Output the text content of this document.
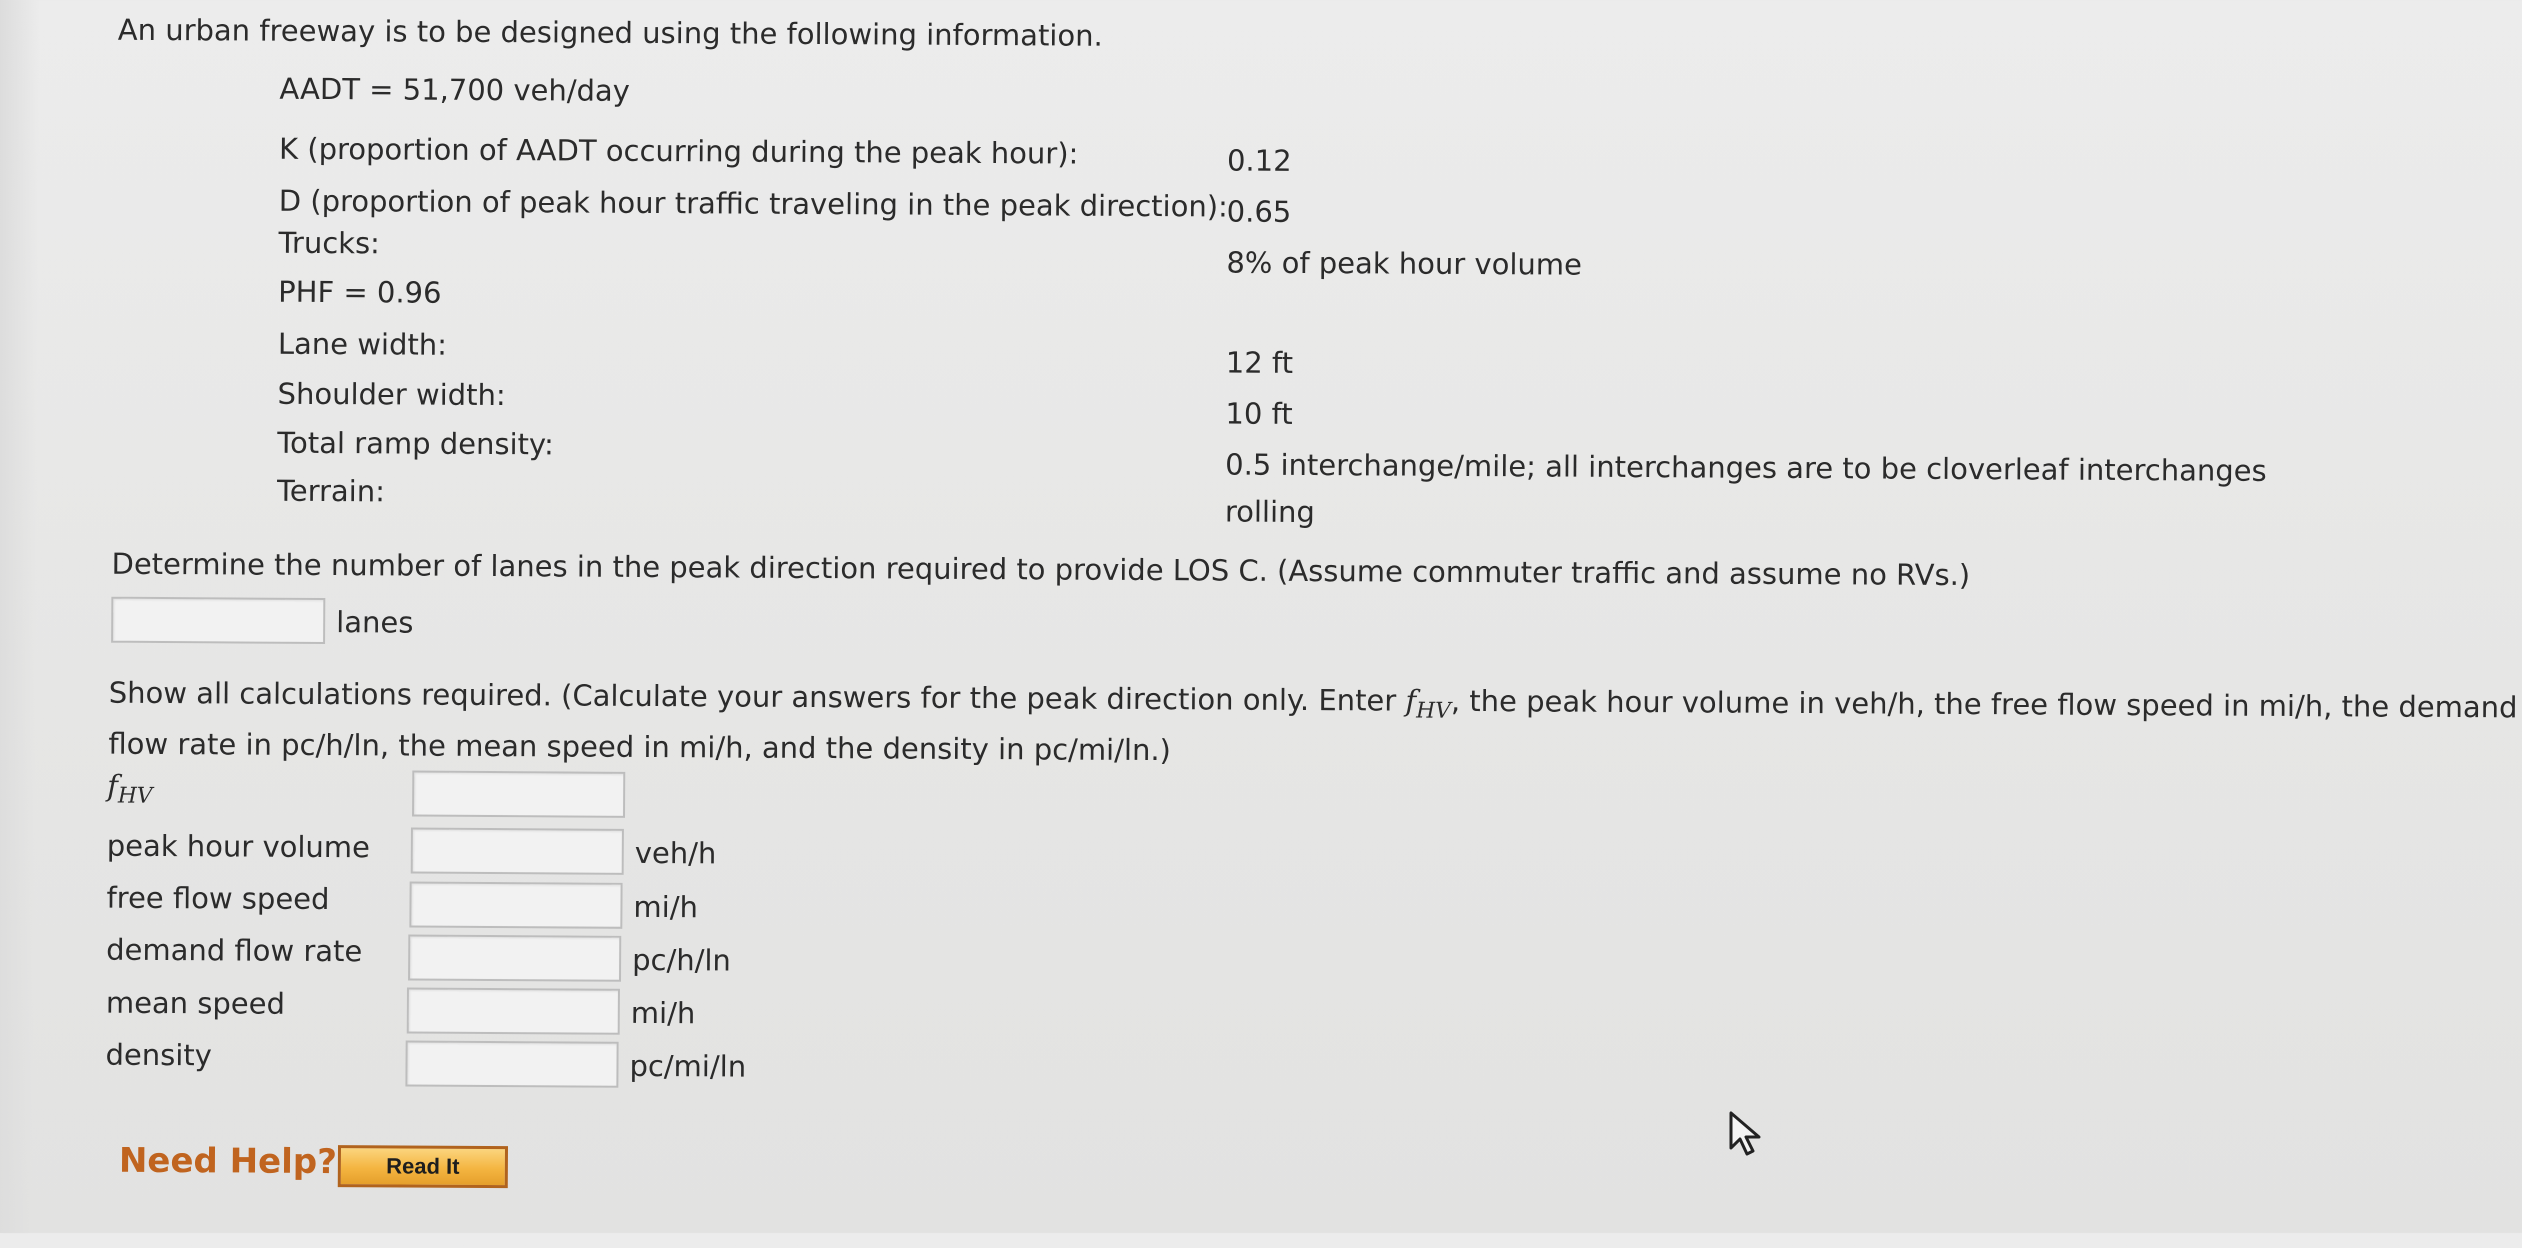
An urban freeway is to be designed using the following information.
AADT = 51,700 veh/day
K (proportion of AADT occurring during the peak hour):	0.12
D (proportion of peak hour traffic traveling in the peak direction):
0.65
Trucks:
8% of peak hour volume
PHF = 0.96
Lane width:
12 ft
Shoulder width:
10 ft
Total ramp density:
0.5 interchange/mile; all interchanges are to be cloverleaf interchanges
Terrain:
rolling
Determine the number of lanes in the peak direction required to provide LOS C. (Assume commuter traffic and assume no RVs.)
lanes
Show all calculations required. (Calculate your answers for the peak direction only. Enter $f_{HV}$, the peak hour volume in veh/h, the free flow speed in mi/h, the demand
flow rate in pc/h/ln, the mean speed in mi/h, and the density in pc/mi/ln.)
$f_{HV}$
peak hour volume	veh/h
free flow speed	mi/h
demand flow rate	pc/h/ln
mean speed	mi/h
density	pc/mi/ln
Need Help?	Read It
